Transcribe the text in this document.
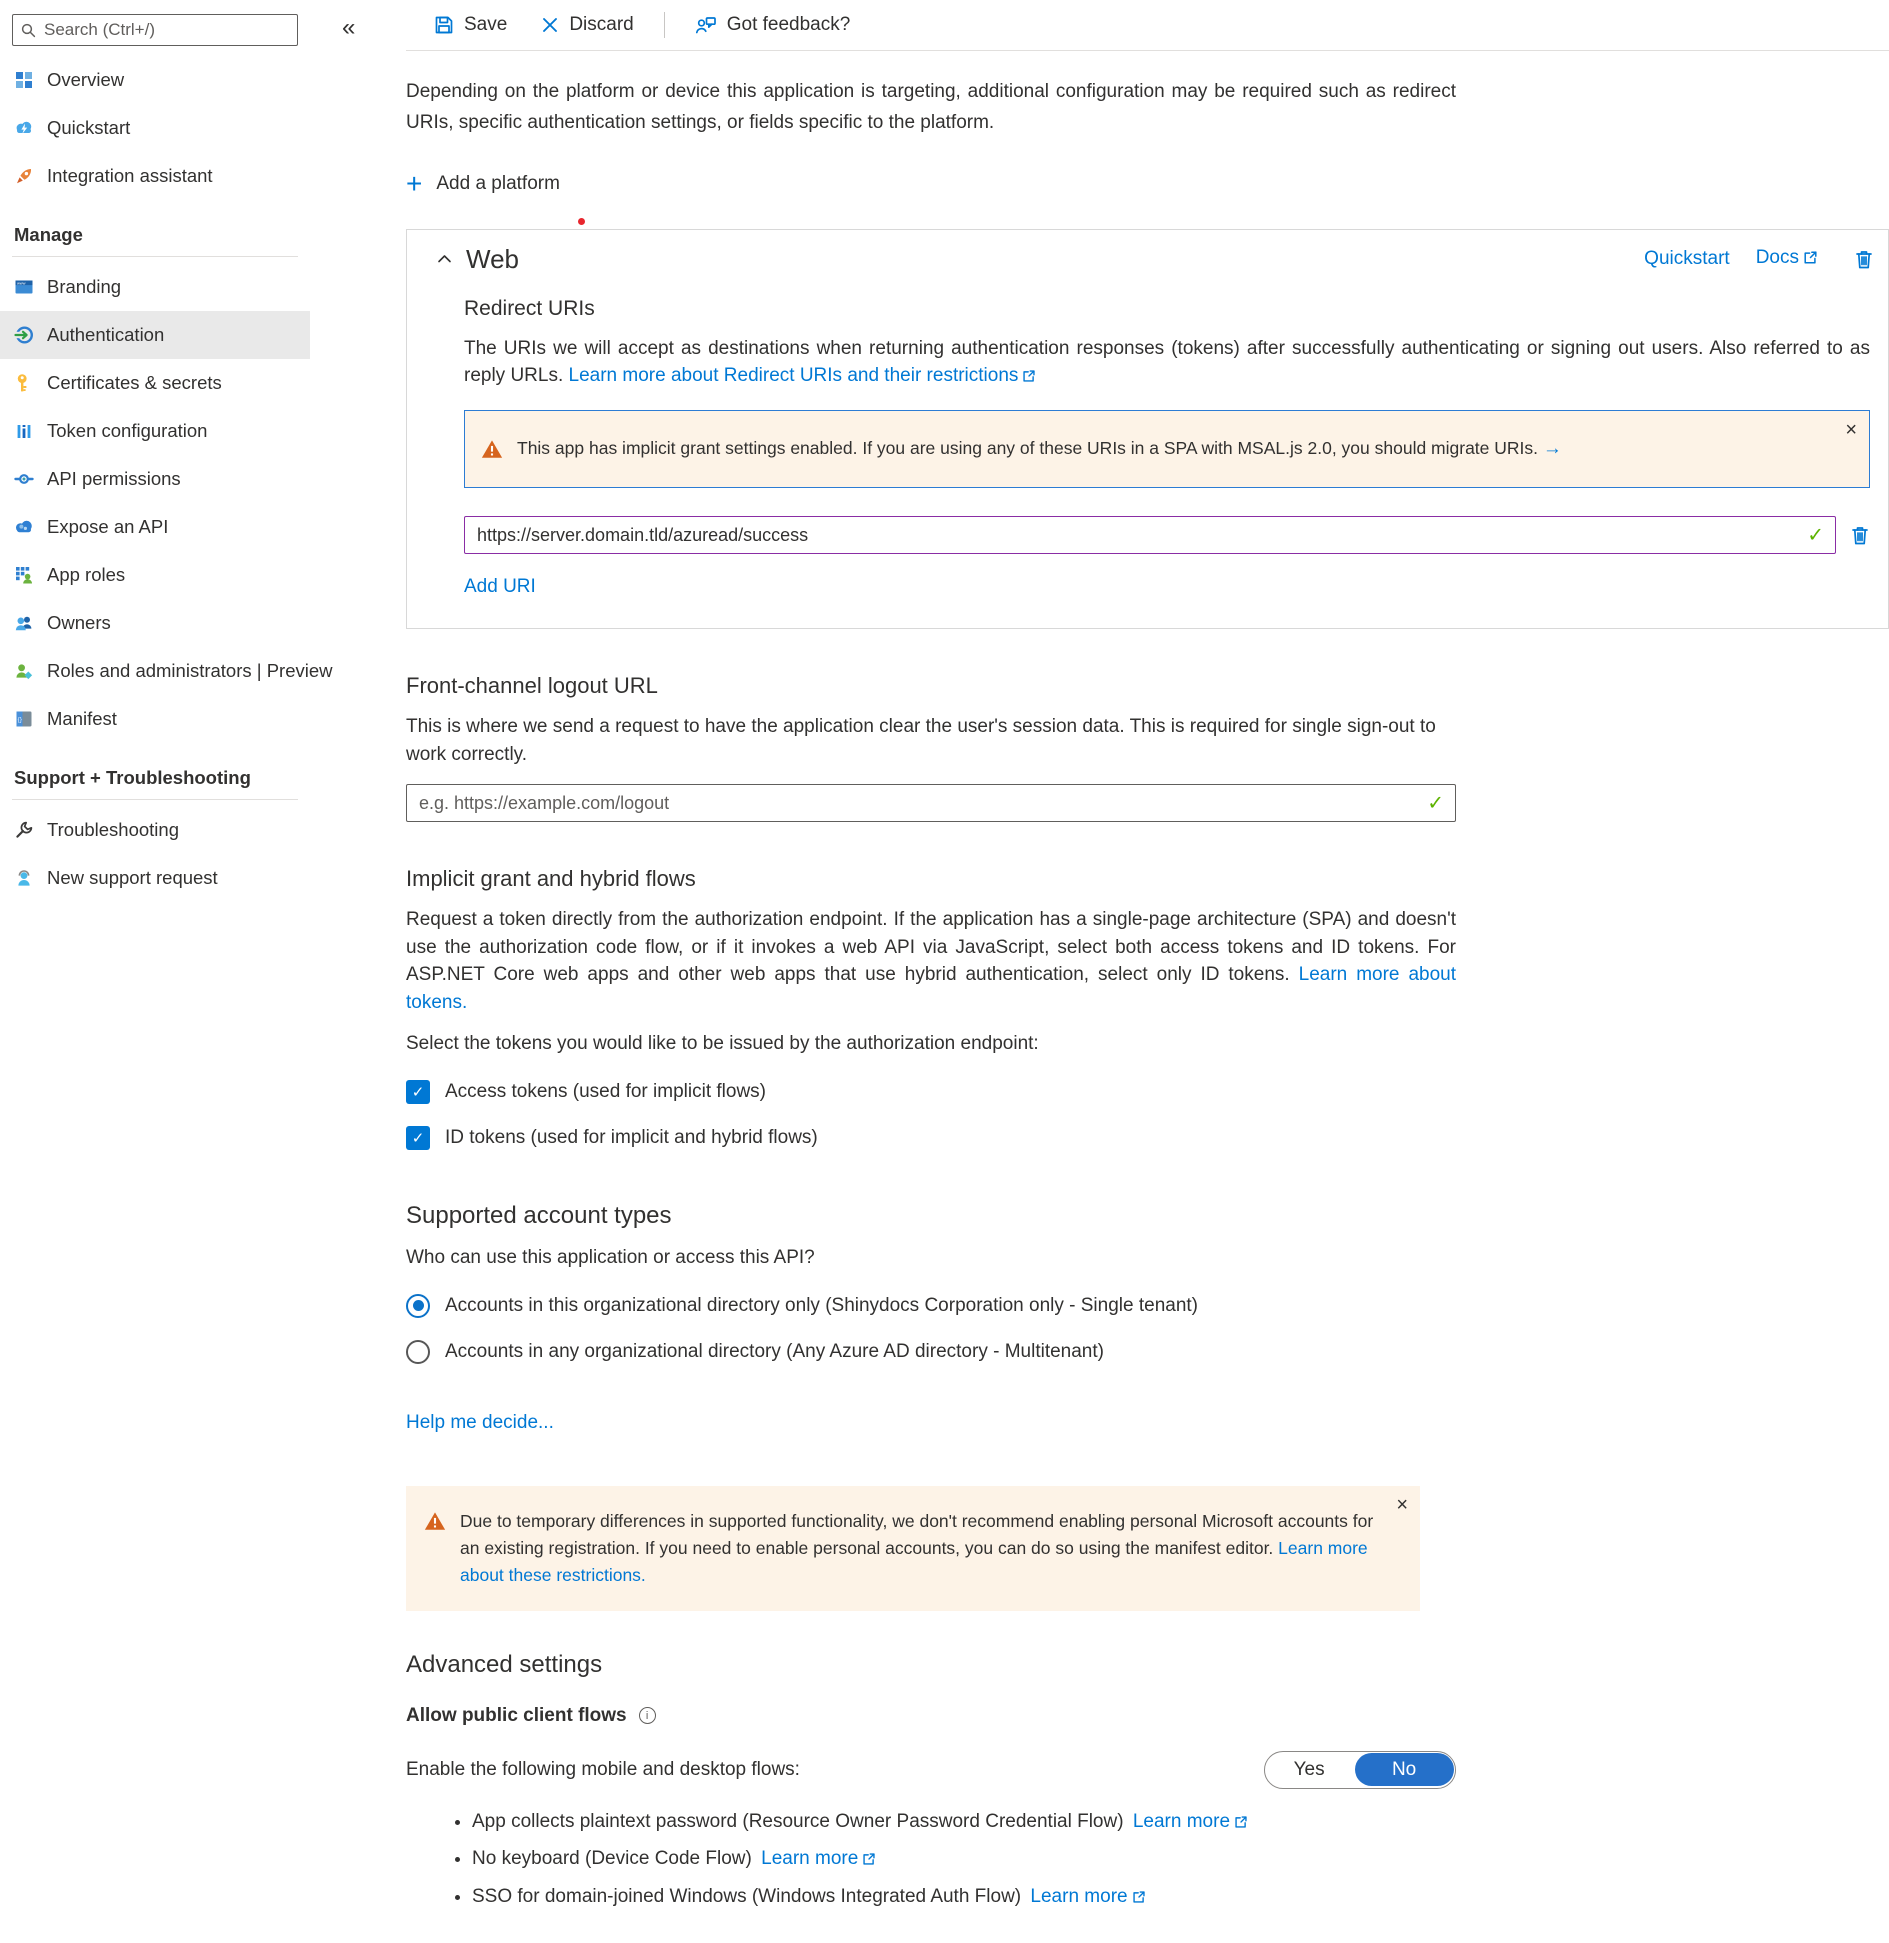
Search (Ctrl+/)
Overview
Quickstart
Integration assistant
Manage
www Branding
Authentication
Certificates & secrets
Token configuration
API permissions
Expose an API
App roles
Owners
Roles and administrators | Preview
{} Manifest
Support + Troubleshooting
Troubleshooting
New support request
«	Save	Discard	Got feedback?

Depending on the platform or device this application is targeting, additional configuration may be required such as redirect URIs, specific authentication settings, or fields specific to the platform.

+ Add a platform
Web	Quickstart Docs
Redirect URIs

The URIs we will accept as destinations when returning authentication responses (tokens) after successfully authenticating or signing out users. Also referred to as reply URLs. Learn more about Redirect URIs and their restrictions

This app has implicit grant settings enabled. If you are using any of these URIs in a SPA with MSAL.js 2.0, you should migrate URIs. →
×
https://server.domain.tld/azuread/success
✓
Add URI
Front-channel logout URL

This is where we send a request to have the application clear the user's session data. This is required for single sign-out to work correctly.

e.g. https://example.com/logout
✓
Implicit grant and hybrid flows

Request a token directly from the authorization endpoint. If the application has a single-page architecture (SPA) and doesn't use the authorization code flow, or if it invokes a web API via JavaScript, select both access tokens and ID tokens. For ASP.NET Core web apps and other web apps that use hybrid authentication, select only ID tokens. Learn more about tokens.

Select the tokens you would like to be issued by the authorization endpoint:

✓	Access tokens (used for implicit flows)
✓	ID tokens (used for implicit and hybrid flows)
Supported account types

Who can use this application or access this API?

Accounts in this organizational directory only (Shinydocs Corporation only - Single tenant)
Accounts in any organizational directory (Any Azure AD directory - Multitenant)
Help me decide...
Due to temporary differences in supported functionality, we don't recommend enabling personal Microsoft accounts for an existing registration. If you need to enable personal accounts, you can do so using the manifest editor. Learn more about these restrictions.
×
Advanced settings
Allow public client flows	i
Enable the following mobile and desktop flows:	Yes	No
• App collects plaintext password (Resource Owner Password Credential Flow) Learn more
• No keyboard (Device Code Flow) Learn more
• SSO for domain-joined Windows (Windows Integrated Auth Flow) Learn more
